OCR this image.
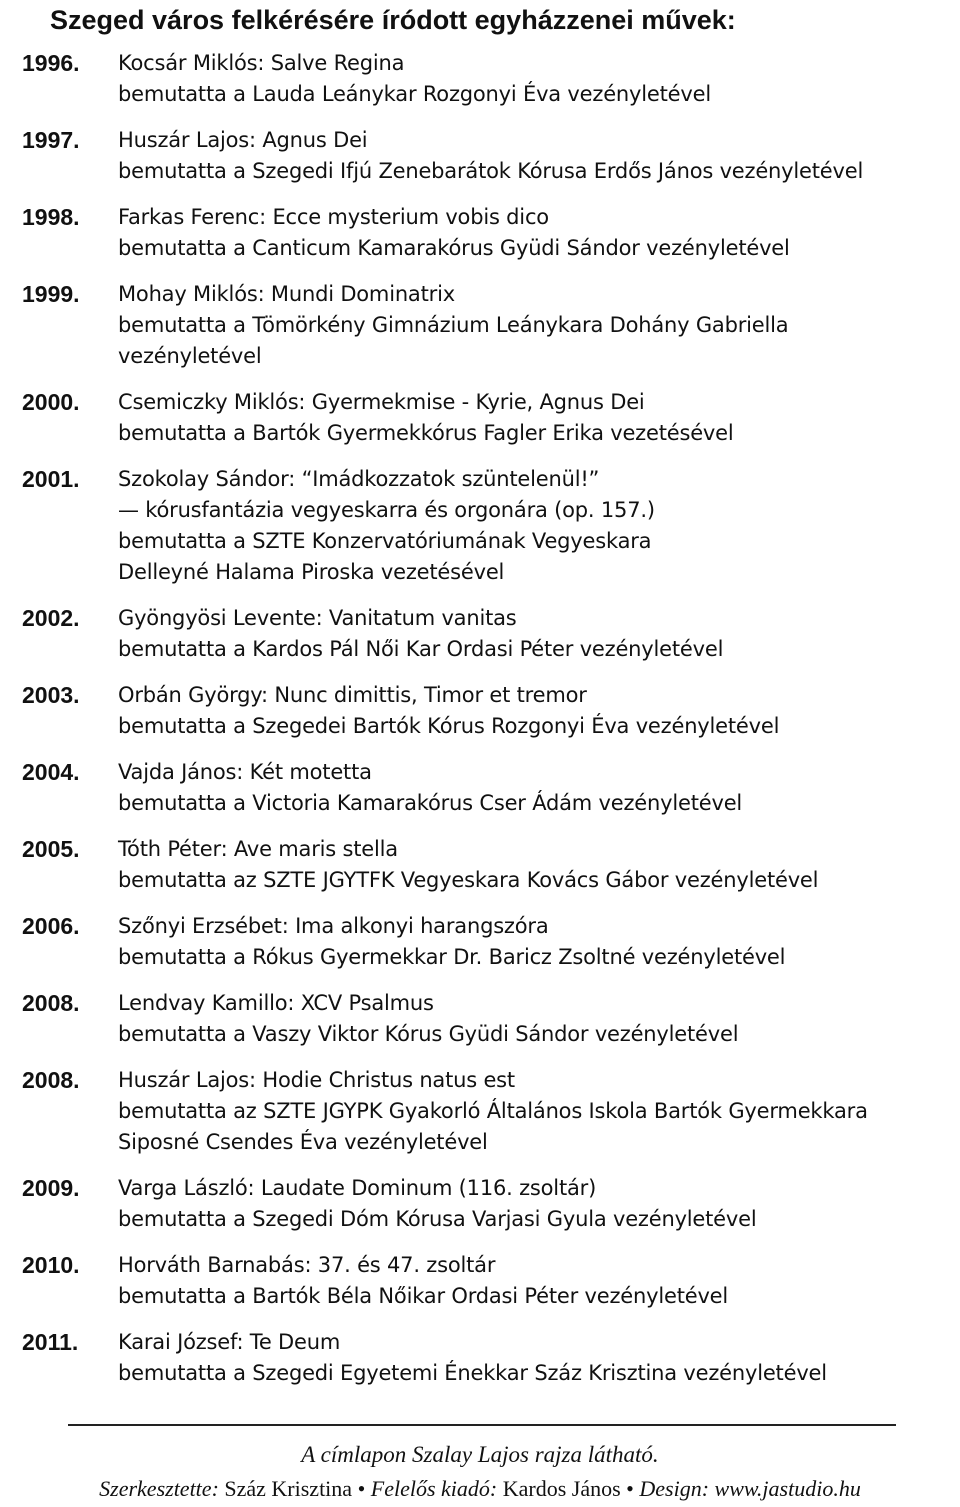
Szeged város felkérésére íródott egyházzenei művek:
1996.	Kocsár Miklós: Salve Regina
bemutatta a Lauda Leánykar Rozgonyi Éva vezényletével
1997.	Huszár Lajos: Agnus Dei
bemutatta a Szegedi Ifjú Zenebarátok Kórusa Erdős János vezényletével
1998.	Farkas Ferenc: Ecce mysterium vobis dico
bemutatta a Canticum Kamarakórus Gyüdi Sándor vezényletével
1999.	Mohay Miklós: Mundi Dominatrix
bemutatta a Tömörkény Gimnázium Leánykara Dohány Gabriella
vezényletével
2000.	Csemiczky Miklós: Gyermekmise - Kyrie, Agnus Dei
bemutatta a Bartók Gyermekkórus Fagler Erika vezetésével
2001.	Szokolay Sándor: “Imádkozzatok szüntelenül!”
— kórusfantázia vegyeskarra és orgonára (op. 157.)
bemutatta a SZTE Konzervatóriumának Vegyeskara
Delleyné Halama Piroska vezetésével
2002.	Gyöngyösi Levente: Vanitatum vanitas
bemutatta a Kardos Pál Női Kar Ordasi Péter vezényletével
2003.	Orbán György: Nunc dimittis, Timor et tremor
bemutatta a Szegedei Bartók Kórus Rozgonyi Éva vezényletével
2004.	Vajda János: Két motetta
bemutatta a Victoria Kamarakórus Cser Ádám vezényletével
2005.	Tóth Péter: Ave maris stella
bemutatta az SZTE JGYTFK Vegyeskara Kovács Gábor vezényletével
2006.	Szőnyi Erzsébet: Ima alkonyi harangszóra
bemutatta a Rókus Gyermekkar Dr. Baricz Zsoltné vezényletével
2008.	Lendvay Kamillo: XCV Psalmus
bemutatta a Vaszy Viktor Kórus Gyüdi Sándor vezényletével
2008.	Huszár Lajos: Hodie Christus natus est
bemutatta az SZTE JGYPK Gyakorló Általános Iskola Bartók Gyermekkara
Siposné Csendes Éva vezényletével
2009.	Varga László: Laudate Dominum (116. zsoltár)
bemutatta a Szegedi Dóm Kórusa Varjasi Gyula vezényletével
2010.	Horváth Barnabás: 37. és 47. zsoltár
bemutatta a Bartók Béla Nőikar Ordasi Péter vezényletével
2011.	Karai József: Te Deum
bemutatta a Szegedi Egyetemi Énekkar Száz Krisztina vezényletével
A címlapon Szalay Lajos rajza látható.
Szerkesztette: Száz Krisztina • Felelős kiadó: Kardos János • Design: www.jastudio.hu
